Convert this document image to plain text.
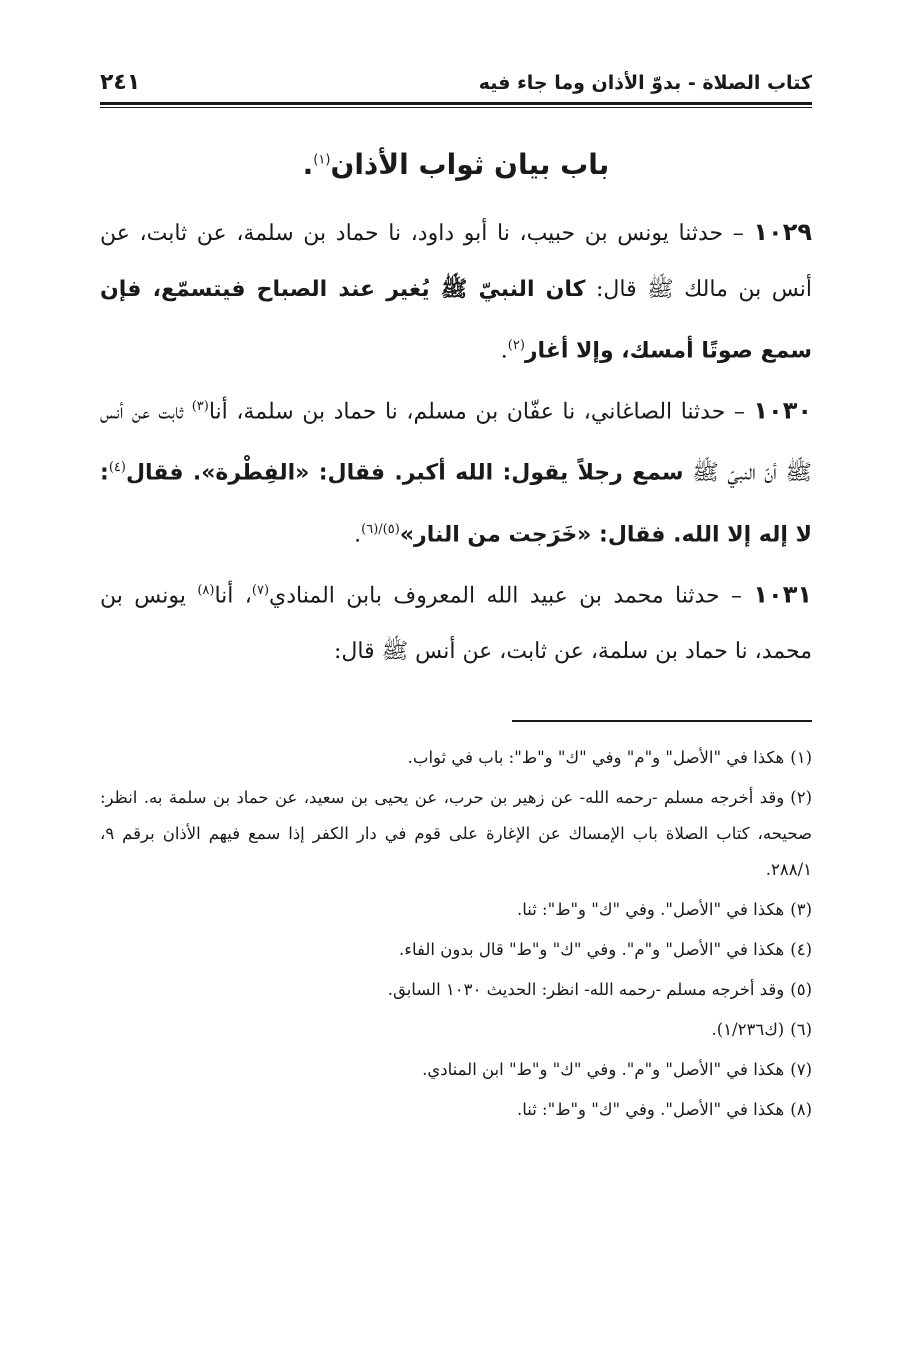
كتاب الصلاة - بدوّ الأذان وما جاء فيه
٢٤١
باب بيان ثواب الأذان$^{(١)}$.

١٠٢٩ – حدثنا يونس بن حبيب، نا أبو داود، نا حماد بن سلمة، عن ثابت، عن أنس بن مالك ﷺ قال: كان النبيّ ﷺ يُغير عند الصباح فيتسمّع، فإن سمع صوتًا أمسك، وإلا أغار$^{(٢)}$.

١٠٣٠ – حدثنا الصاغاني، نا عفّان بن مسلم، نا حماد بن سلمة، أنا$^{(٣)}$ ثابت عن أنس ﷺ أنّ النبيّ ﷺ سمع رجلاً يقول: الله أكبر. فقال: «الفِطْرة». فقال$^{(٤)}$: لا إله إلا الله. فقال: «خَرَجت من النار»$^{(٥)/(٦)}$.

١٠٣١ – حدثنا محمد بن عبيد الله المعروف بابن المنادي$^{(٧)}$، أنا$^{(٨)}$ يونس بن محمد، نا حماد بن سلمة، عن ثابت، عن أنس ﷺ قال:

(١)هكذا في "الأصل" و"م" وفي "ك" و"ط": باب في ثواب.

(٢)وقد أخرجه مسلم -رحمه الله- عن زهير بن حرب، عن يحيى بن سعيد، عن حماد بن سلمة به. انظر: صحيحه، كتاب الصلاة باب الإمساك عن الإغارة على قوم في دار الكفر إذا سمع فيهم الأذان برقم ٩، ٢٨٨/١.

(٣)هكذا في "الأصل". وفي "ك" و"ط": ثنا.

(٤)هكذا في "الأصل" و"م". وفي "ك" و"ط" قال بدون الفاء.

(٥)وقد أخرجه مسلم -رحمه الله- انظر: الحديث ١٠٣٠ السابق.

(٦)(ك١/٢٣٦).

(٧)هكذا في "الأصل" و"م". وفي "ك" و"ط" ابن المنادي.

(٨)هكذا في "الأصل". وفي "ك" و"ط": ثنا.
